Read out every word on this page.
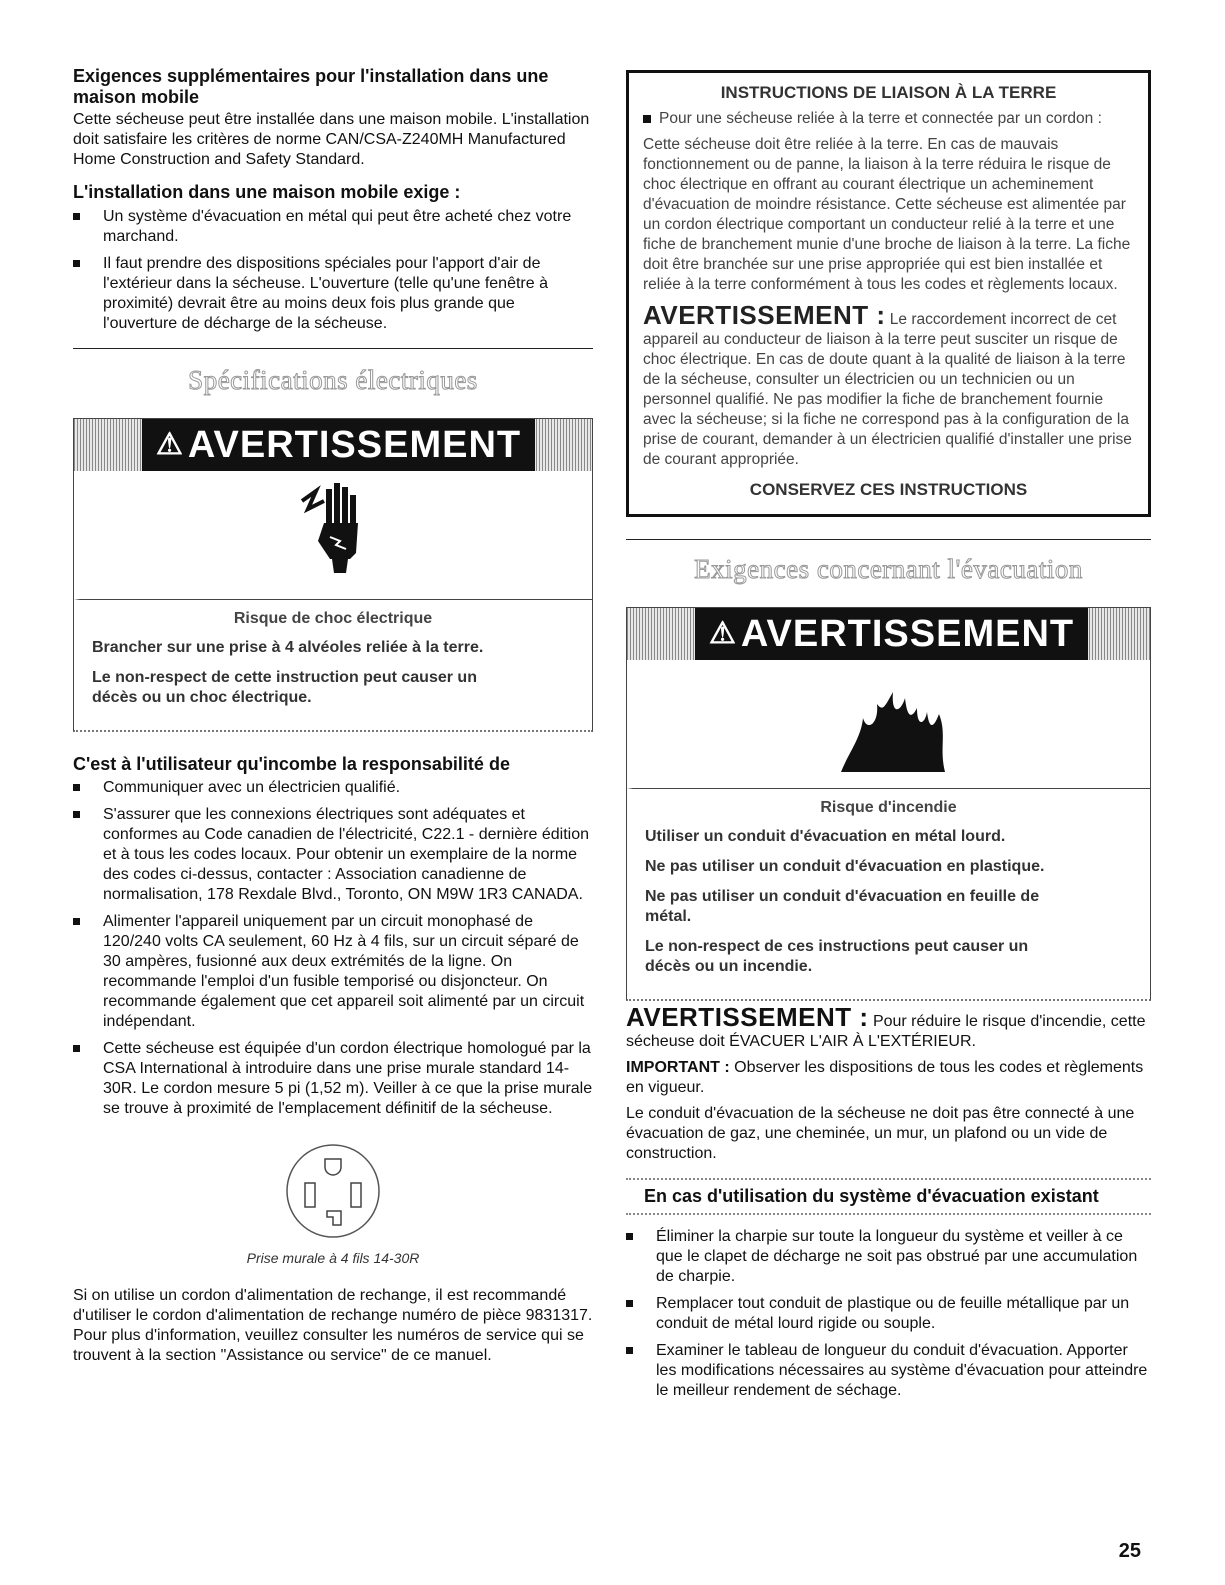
Exigences supplémentaires pour l'installation dans une maison mobile

Cette sécheuse peut être installée dans une maison mobile. L'installation doit satisfaire les critères de norme CAN/CSA-Z240MH Manufactured Home Construction and Safety Standard.

L'installation dans une maison mobile exige :
Un système d'évacuation en métal qui peut être acheté chez votre marchand.
Il faut prendre des dispositions spéciales pour l'apport d'air de l'extérieur dans la sécheuse. L'ouverture (telle qu'une fenêtre à proximité) devrait être au moins deux fois plus grande que l'ouverture de décharge de la sécheuse.
Spécifications électriques
⚠ AVERTISSEMENT
Risque de choc électrique
Brancher sur une prise à 4 alvéoles reliée à la terre.
Le non-respect de cette instruction peut causer un décès ou un choc électrique.
C'est à l'utilisateur qu'incombe la responsabilité de
Communiquer avec un électricien qualifié.
S'assurer que les connexions électriques sont adéquates et conformes au Code canadien de l'électricité, C22.1 - dernière édition et à tous les codes locaux. Pour obtenir un exemplaire de la norme des codes ci-dessus, contacter : Association canadienne de normalisation, 178 Rexdale Blvd., Toronto, ON M9W 1R3 CANADA.
Alimenter l'appareil uniquement par un circuit monophasé de 120/240 volts CA seulement, 60 Hz à 4 fils, sur un circuit séparé de 30 ampères, fusionné aux deux extrémités de la ligne. On recommande l'emploi d'un fusible temporisé ou disjoncteur. On recommande également que cet appareil soit alimenté par un circuit indépendant.
Cette sécheuse est équipée d'un cordon électrique homologué par la CSA International à introduire dans une prise murale standard 14-30R. Le cordon mesure 5 pi (1,52 m). Veiller à ce que la prise murale se trouve à proximité de l'emplacement définitif de la sécheuse.

Prise murale à 4 fils 14-30R

Si on utilise un cordon d'alimentation de rechange, il est recommandé d'utiliser le cordon d'alimentation de rechange numéro de pièce 9831317. Pour plus d'information, veuillez consulter les numéros de service qui se trouvent à la section "Assistance ou service" de ce manuel.

INSTRUCTIONS DE LIAISON À LA TERRE
Pour une sécheuse reliée à la terre et connectée par un cordon :

Cette sécheuse doit être reliée à la terre. En cas de mauvais fonctionnement ou de panne, la liaison à la terre réduira le risque de choc électrique en offrant au courant électrique un acheminement d'évacuation de moindre résistance. Cette sécheuse est alimentée par un cordon électrique comportant un conducteur relié à la terre et une fiche de branchement munie d'une broche de liaison à la terre. La fiche doit être branchée sur une prise appropriée qui est bien installée et reliée à la terre conformément à tous les codes et règlements locaux.

AVERTISSEMENT : Le raccordement incorrect de cet appareil au conducteur de liaison à la terre peut susciter un risque de choc électrique. En cas de doute quant à la qualité de liaison à la terre de la sécheuse, consulter un électricien ou un technicien ou un personnel qualifié. Ne pas modifier la fiche de branchement fournie avec la sécheuse; si la fiche ne correspond pas à la configuration de la prise de courant, demander à un électricien qualifié d'installer une prise de courant appropriée.

CONSERVEZ CES INSTRUCTIONS
Exigences concernant l'évacuation
⚠ AVERTISSEMENT
Risque d'incendie
Utiliser un conduit d'évacuation en métal lourd.
Ne pas utiliser un conduit d'évacuation en plastique.
Ne pas utiliser un conduit d'évacuation en feuille de métal.
Le non-respect de ces instructions peut causer un décès ou un incendie.

AVERTISSEMENT : Pour réduire le risque d'incendie, cette sécheuse doit ÉVACUER L'AIR À L'EXTÉRIEUR.

IMPORTANT : Observer les dispositions de tous les codes et règlements en vigueur.

Le conduit d'évacuation de la sécheuse ne doit pas être connecté à une évacuation de gaz, une cheminée, un mur, un plafond ou un vide de construction.

En cas d'utilisation du système d'évacuation existant
Éliminer la charpie sur toute la longueur du système et veiller à ce que le clapet de décharge ne soit pas obstrué par une accumulation de charpie.
Remplacer tout conduit de plastique ou de feuille métallique par un conduit de métal lourd rigide ou souple.
Examiner le tableau de longueur du conduit d'évacuation. Apporter les modifications nécessaires au système d'évacuation pour atteindre le meilleur rendement de séchage.
25
